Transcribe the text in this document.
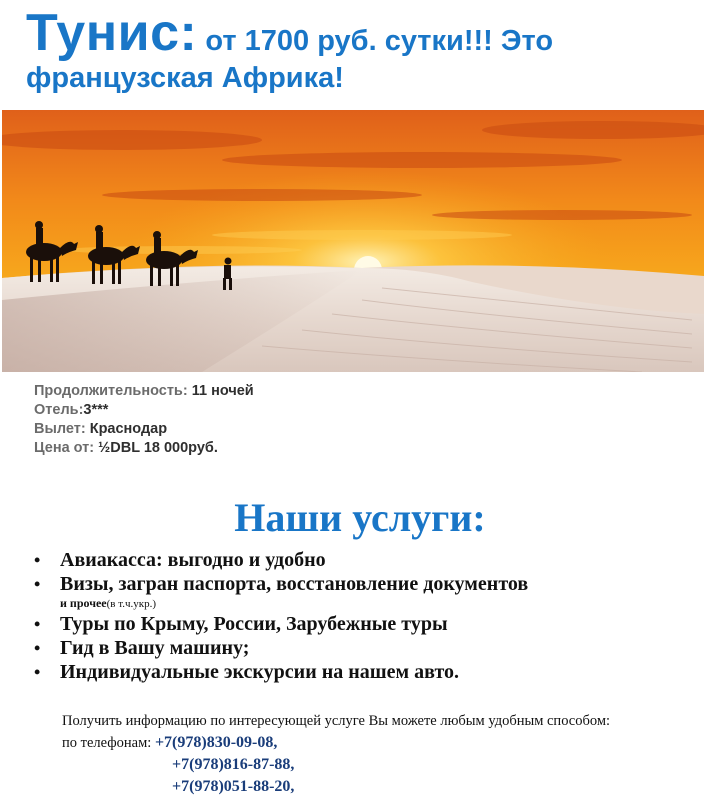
Тунис: от 1700 руб. сутки!!! Это
французская Африка!
Продолжительность: 11 ночей
Отель:3***
Вылет: Краснодар
Цена от: ½DBL 18 000руб.
Наши услуги:
• Авиакасса: выгодно и удобно
• Визы, загран паспорта, восстановление документов
и прочее(в т.ч.укр.)
• Туры по Крыму, России, Зарубежные туры
• Гид в Вашу машину;
• Индивидуальные экскурсии на нашем авто.
Получить информацию по интересующей услуге Вы можете любым удобным способом:
по телефонам: +7(978)830-09-08,
+7(978)816-87-88,
+7(978)051-88-20,
